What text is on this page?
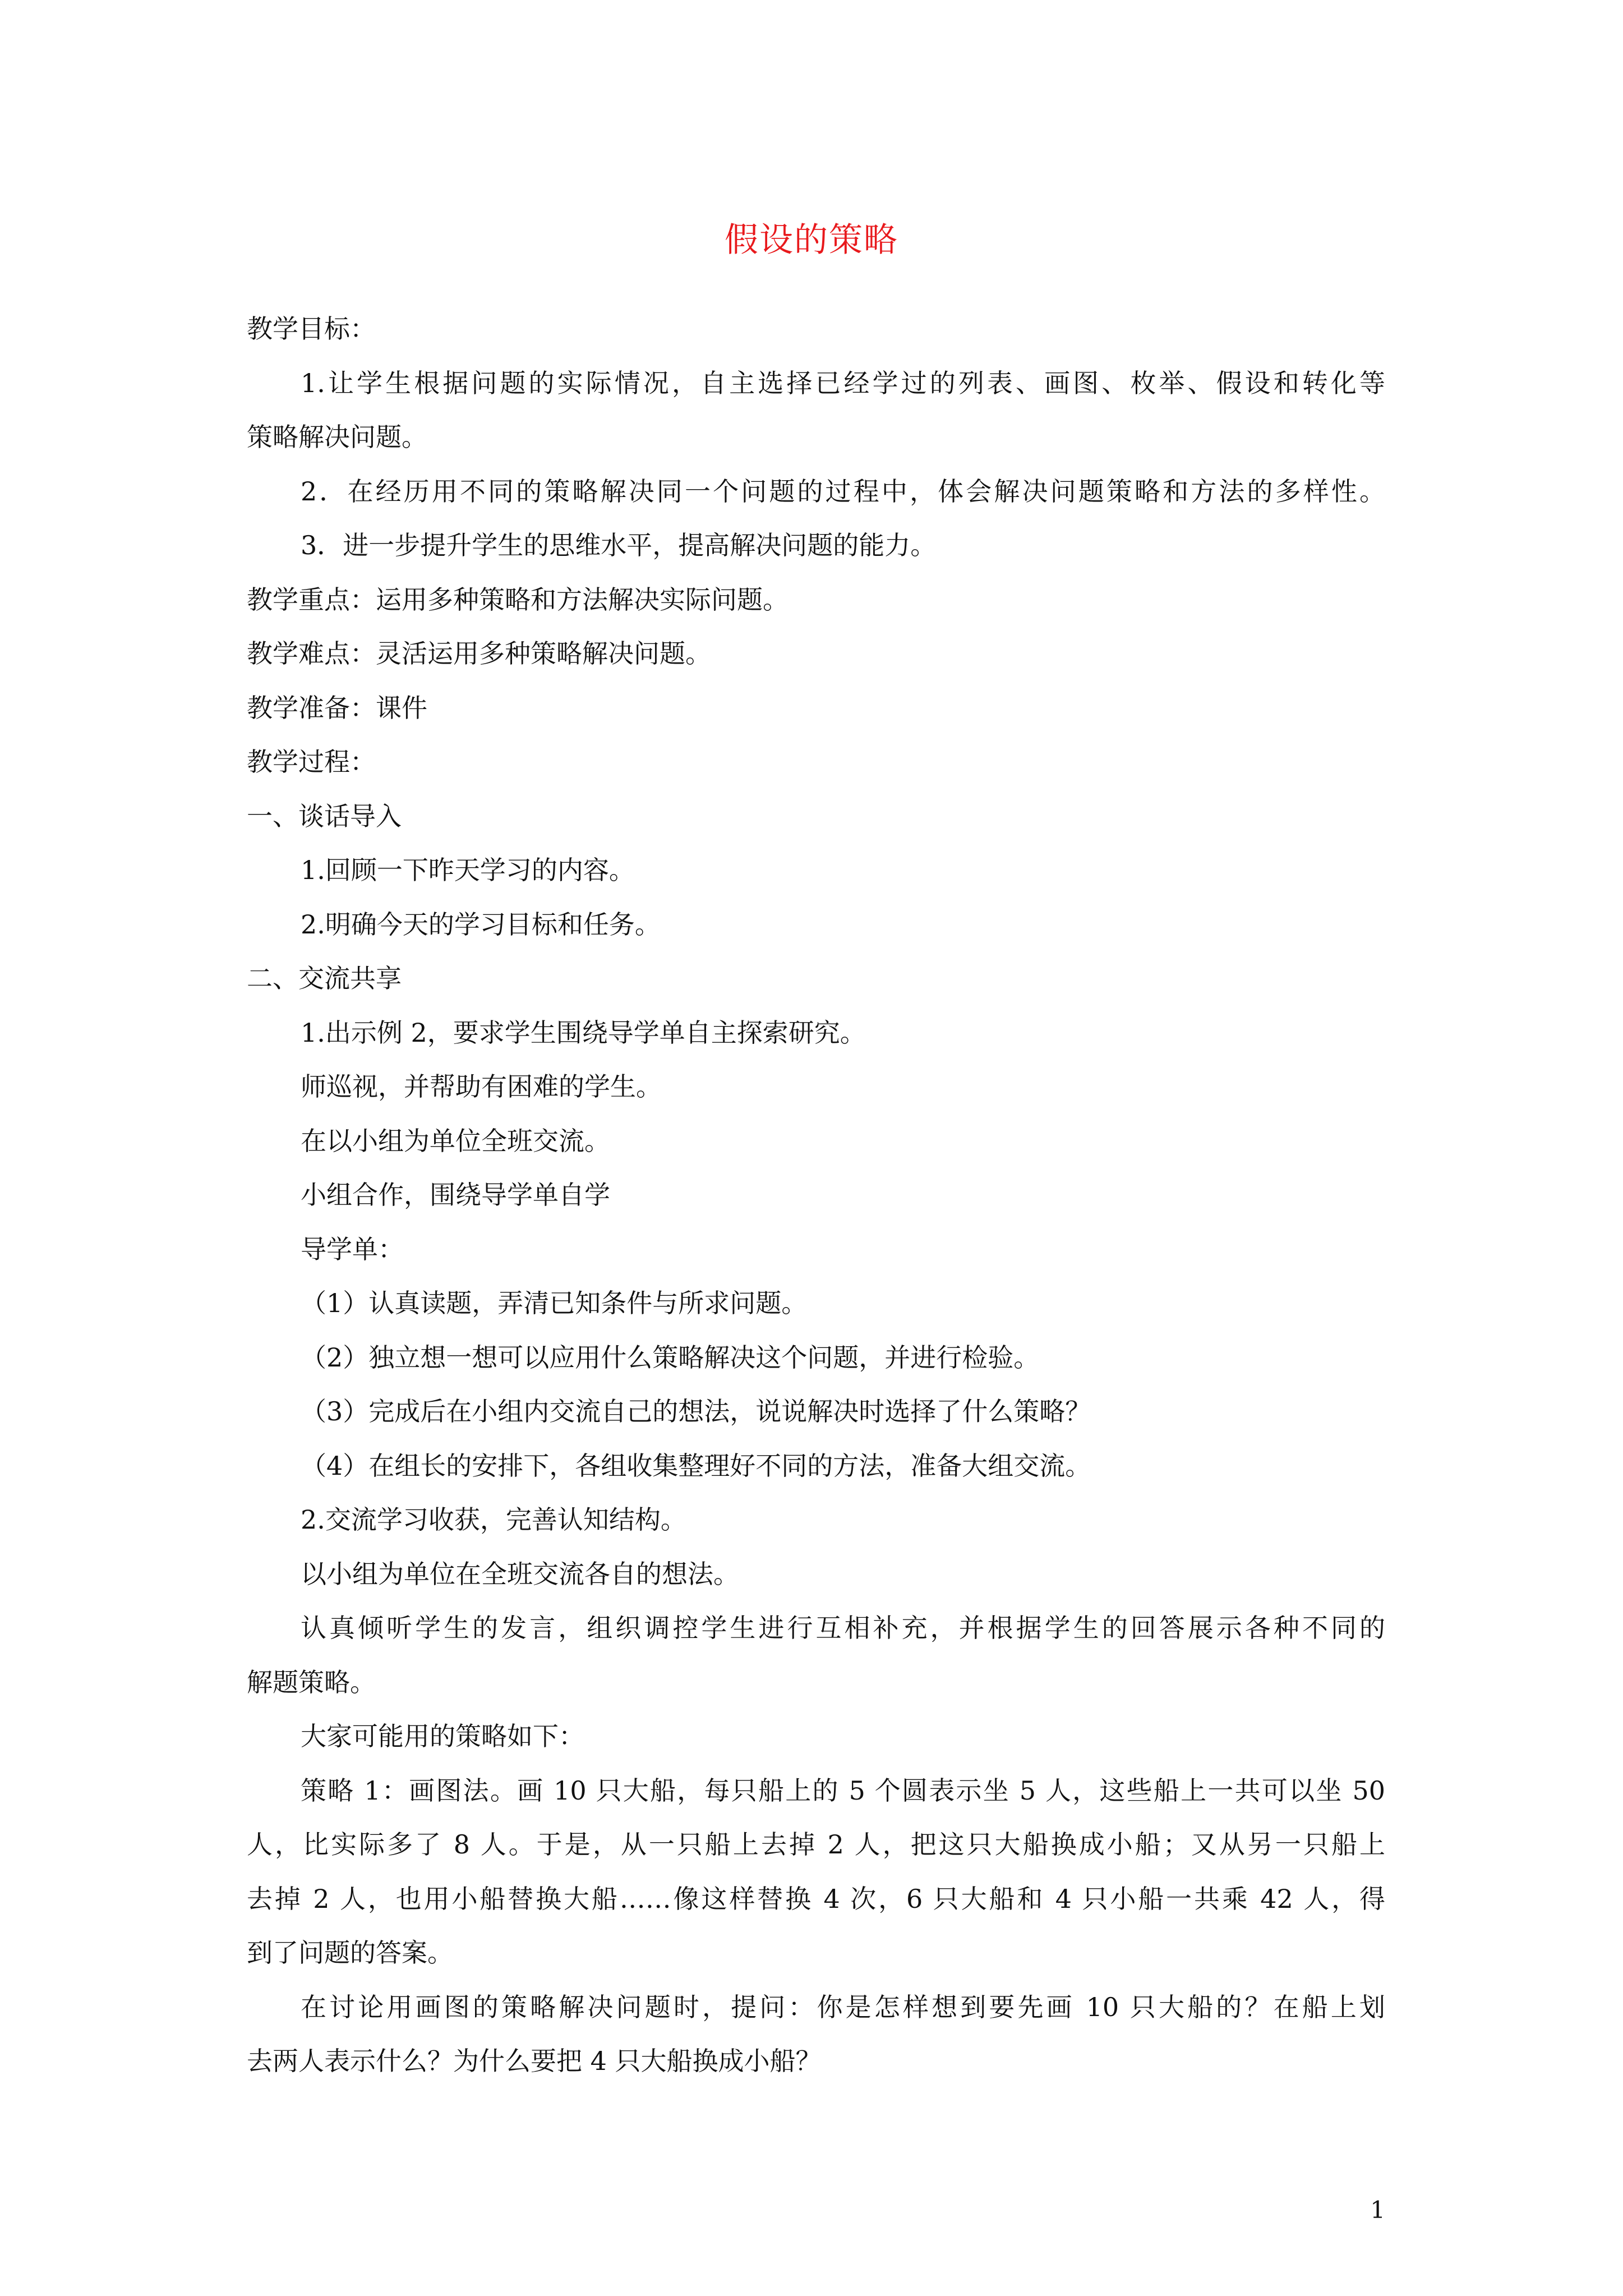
假设的策略

教学目标：

1.让学生根据问题的实际情况，自主选择已经学过的列表、画图、枚举、假设和转化等

策略解决问题。

2．在经历用不同的策略解决同一个问题的过程中，体会解决问题策略和方法的多样性。

3．进一步提升学生的思维水平，提高解决问题的能力。

教学重点：运用多种策略和方法解决实际问题。

教学难点：灵活运用多种策略解决问题。

教学准备：课件

教学过程：

一、谈话导入

1.回顾一下昨天学习的内容。

2.明确今天的学习目标和任务。

二、交流共享

1.出示例 2，要求学生围绕导学单自主探索研究。

师巡视，并帮助有困难的学生。

在以小组为单位全班交流。

小组合作，围绕导学单自学

导学单：

（1）认真读题，弄清已知条件与所求问题。

（2）独立想一想可以应用什么策略解决这个问题，并进行检验。

（3）完成后在小组内交流自己的想法，说说解决时选择了什么策略？

（4）在组长的安排下，各组收集整理好不同的方法，准备大组交流。

2.交流学习收获，完善认知结构。

以小组为单位在全班交流各自的想法。

认真倾听学生的发言，组织调控学生进行互相补充，并根据学生的回答展示各种不同的

解题策略。

大家可能用的策略如下：

策略 1：画图法。画 10 只大船，每只船上的 5 个圆表示坐 5 人，这些船上一共可以坐 50

人，比实际多了 8 人。于是，从一只船上去掉 2 人，把这只大船换成小船；又从另一只船上

去掉 2 人，也用小船替换大船……像这样替换 4 次，6 只大船和 4 只小船一共乘 42 人，得

到了问题的答案。

在讨论用画图的策略解决问题时，提问：你是怎样想到要先画 10 只大船的？在船上划

去两人表示什么？为什么要把 4 只大船换成小船？

1
